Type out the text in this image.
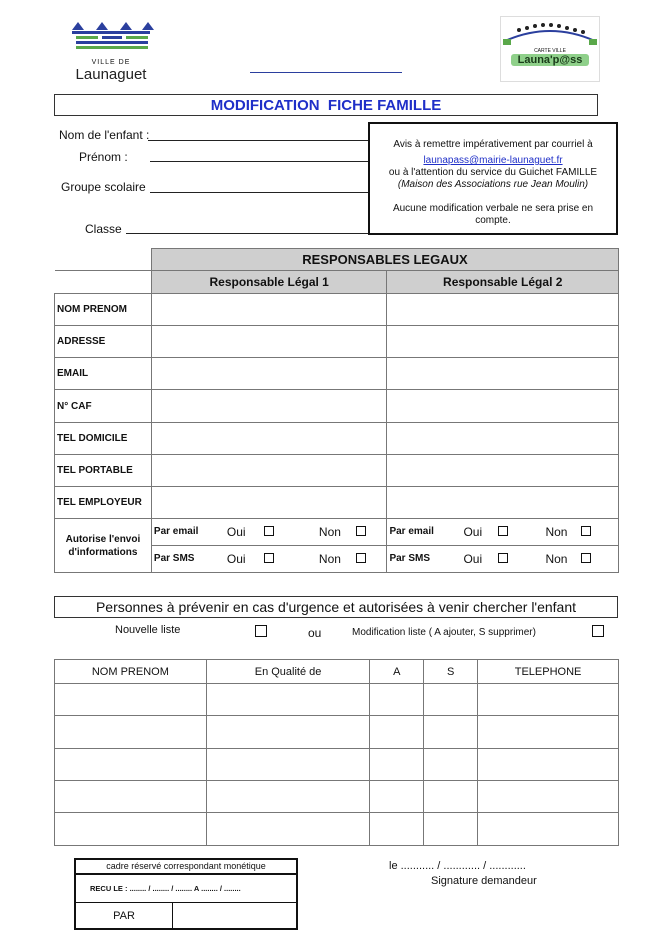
VILLE DE
Launaguet
CARTE VILLE
Launa'p@ss
MODIFICATION  FICHE FAMILLE
Nom de l'enfant :
Prénom :
Groupe scolaire
Classe
Avis à remettre impérativement par courriel à
launapass@mairie-launaguet.fr
ou à l'attention du service du Guichet FAMILLE
(Maison des Associations rue Jean Moulin)
Aucune modification verbale ne sera prise en compte.
	RESPONSABLES LEGAUX	
	Responsable Légal 1	Responsable Légal 2
NOM PRENOM		
ADRESSE		
EMAIL		
N° CAF		
TEL DOMICILE		
TEL PORTABLE		
TEL EMPLOYEUR		
Autorise l'envoi d'informations	Par email Oui Non	Par email Oui Non

	Par SMS Oui Non	Par SMS Oui Non
Personnes à prévenir en cas d'urgence et autorisées à venir chercher l'enfant
Nouvelle liste	ou	Modification liste ( A ajouter, S supprimer)
NOM PRENOM	En Qualité de	A	S	TELEPHONE

cadre réservé correspondant monétique
RECU LE : ........ / ........ / ........ A ........ / ........
PAR
le ........... / ............ / ............
Signature demandeur
